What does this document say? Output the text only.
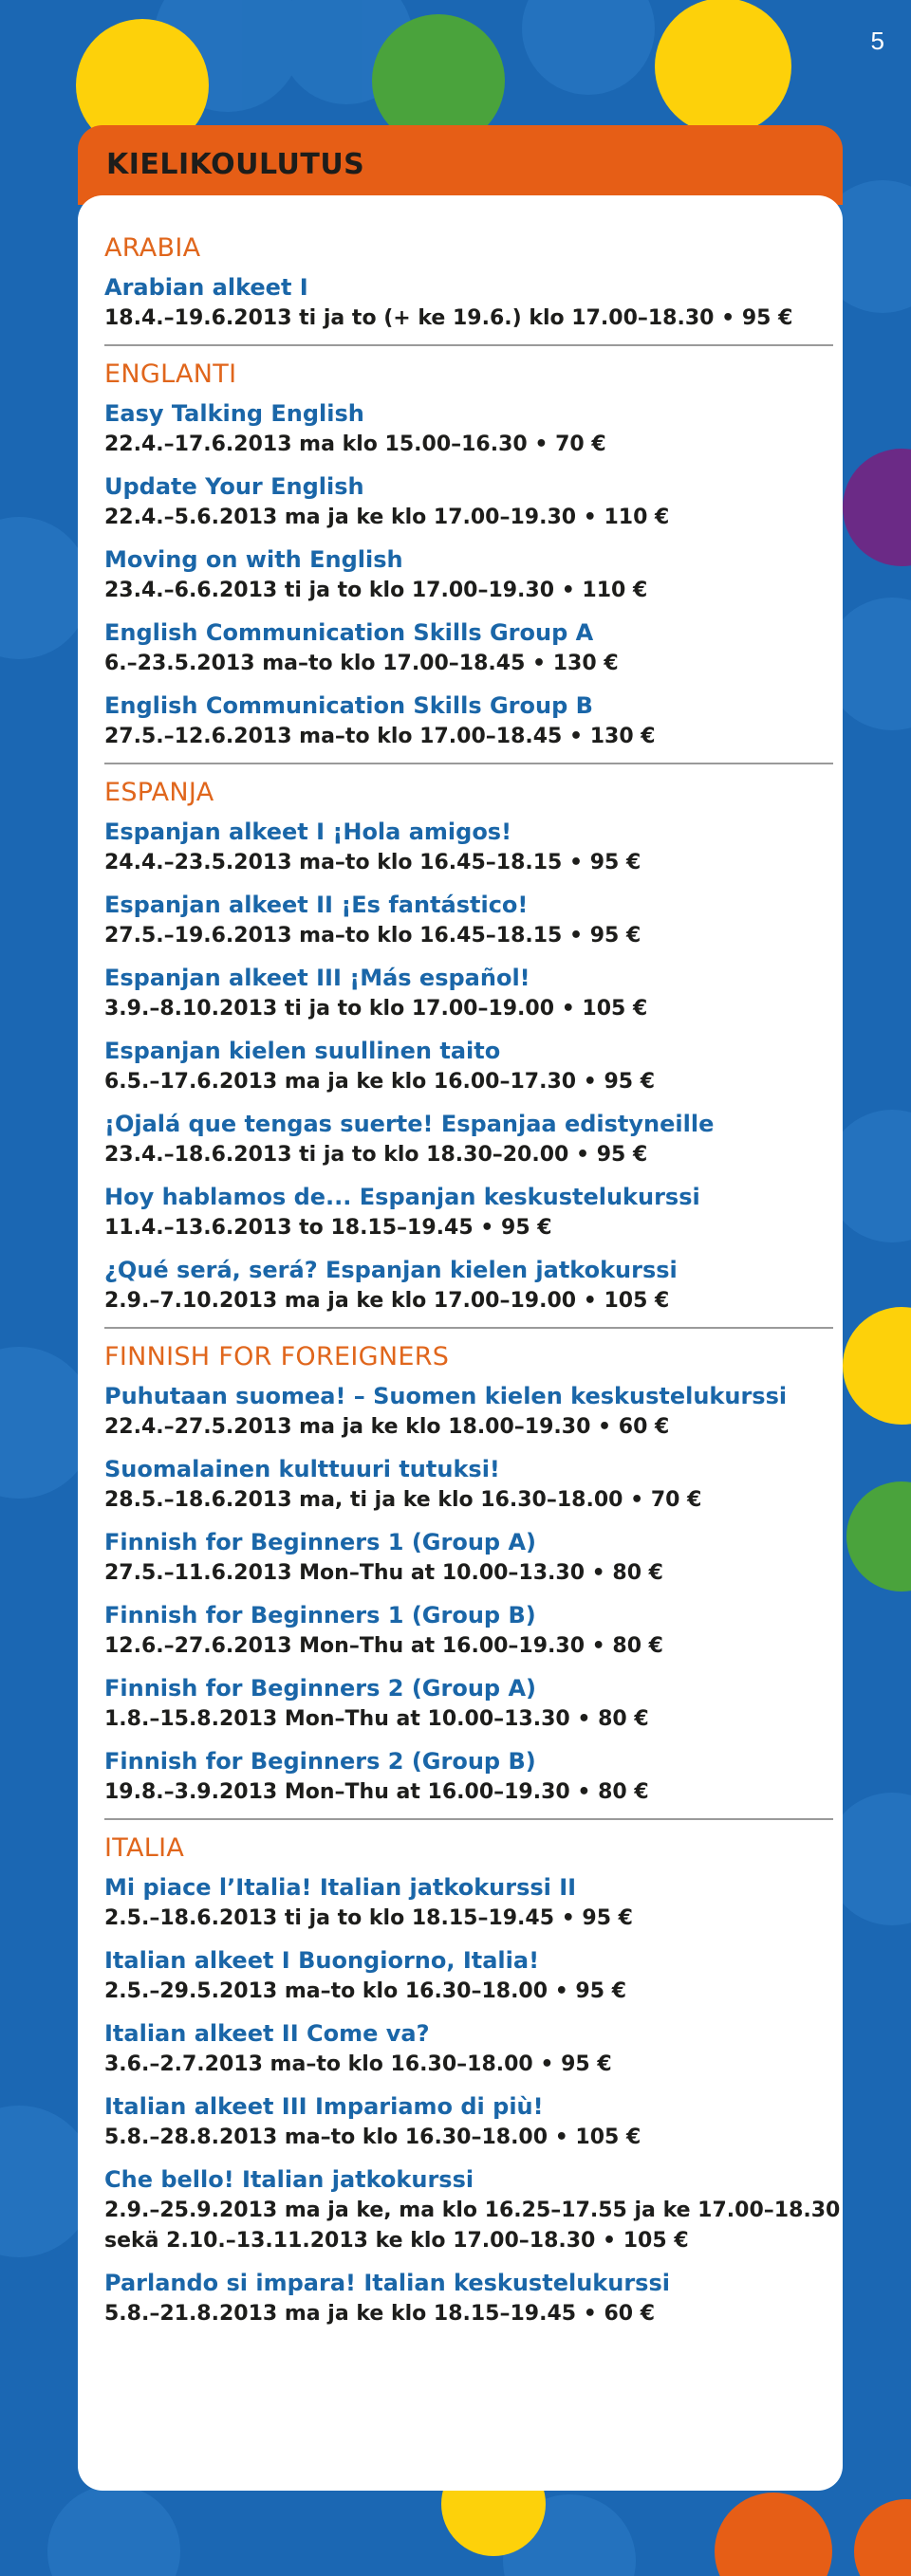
5
KIELIKOULUTUS
ARABIA
Arabian alkeet I
18.4.–19.6.2013 ti ja to (+ ke 19.6.) klo 17.00–18.30 • 95 €
ENGLANTI
Easy Talking English
22.4.–17.6.2013 ma klo 15.00–16.30 • 70 €
Update Your English
22.4.–5.6.2013 ma ja ke klo 17.00–19.30 • 110 €
Moving on with English
23.4.–6.6.2013 ti ja to klo 17.00–19.30 • 110 €
English Communication Skills Group A
6.–23.5.2013 ma–to klo 17.00–18.45 • 130 €
English Communication Skills Group B
27.5.–12.6.2013 ma–to klo 17.00–18.45 • 130 €
ESPANJA
Espanjan alkeet I ¡Hola amigos!
24.4.–23.5.2013 ma–to klo 16.45–18.15 • 95 €
Espanjan alkeet II ¡Es fantástico!
27.5.–19.6.2013 ma–to klo 16.45–18.15 • 95 €
Espanjan alkeet III ¡Más español!
3.9.–8.10.2013 ti ja to klo 17.00–19.00 • 105 €
Espanjan kielen suullinen taito
6.5.–17.6.2013 ma ja ke klo 16.00–17.30 • 95 €
¡Ojalá que tengas suerte! Espanjaa edistyneille
23.4.–18.6.2013 ti ja to klo 18.30–20.00 • 95 €
Hoy hablamos de... Espanjan keskustelukurssi
11.4.–13.6.2013 to 18.15–19.45 • 95 €
¿Qué será, será? Espanjan kielen jatkokurssi
2.9.–7.10.2013 ma ja ke klo 17.00–19.00 • 105 €
FINNISH FOR FOREIGNERS
Puhutaan suomea! – Suomen kielen keskustelukurssi
22.4.–27.5.2013 ma ja ke klo 18.00–19.30 • 60 €
Suomalainen kulttuuri tutuksi!
28.5.–18.6.2013 ma, ti ja ke klo 16.30–18.00 • 70 €
Finnish for Beginners 1 (Group A)
27.5.–11.6.2013 Mon–Thu at 10.00–13.30 • 80 €
Finnish for Beginners 1 (Group B)
12.6.–27.6.2013 Mon–Thu at 16.00–19.30 • 80 €
Finnish for Beginners 2 (Group A)
1.8.–15.8.2013 Mon–Thu at 10.00–13.30 • 80 €
Finnish for Beginners 2 (Group B)
19.8.–3.9.2013 Mon–Thu at 16.00–19.30 • 80 €
ITALIA
Mi piace l’Italia! Italian jatkokurssi II
2.5.–18.6.2013 ti ja to klo 18.15–19.45 • 95 €
Italian alkeet I Buongiorno, Italia!
2.5.–29.5.2013 ma–to klo 16.30–18.00 • 95 €
Italian alkeet II Come va?
3.6.–2.7.2013 ma–to klo 16.30–18.00 • 95 €
Italian alkeet III Impariamo di più!
5.8.–28.8.2013 ma–to klo 16.30–18.00 • 105 €
Che bello! Italian jatkokurssi
2.9.–25.9.2013 ma ja ke, ma klo 16.25–17.55 ja ke 17.00–18.30
sekä 2.10.–13.11.2013 ke klo 17.00–18.30 • 105 €
Parlando si impara! Italian keskustelukurssi
5.8.–21.8.2013 ma ja ke klo 18.15–19.45 • 60 €
